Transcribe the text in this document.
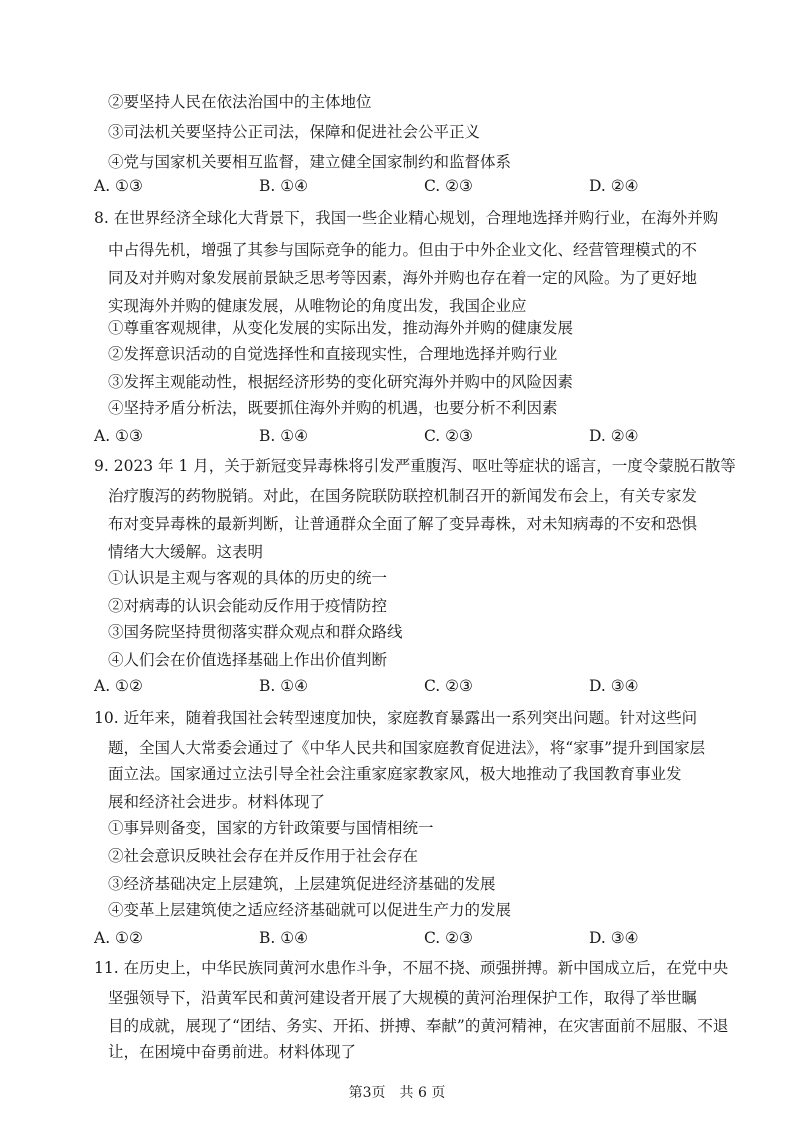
②要坚持人民在依法治国中的主体地位
③司法机关要坚持公正司法，保障和促进社会公平正义
④党与国家机关要相互监督，建立健全国家制约和监督体系
A. ①③	B. ①④	C. ②③	D. ②④
8. 在世界经济全球化大背景下，我国一些企业精心规划，合理地选择并购行业，在海外并购
中占得先机，增强了其参与国际竞争的能力。但由于中外企业文化、经营管理模式的不
同及对并购对象发展前景缺乏思考等因素，海外并购也存在着一定的风险。为了更好地
实现海外并购的健康发展，从唯物论的角度出发，我国企业应
①尊重客观规律，从变化发展的实际出发，推动海外并购的健康发展
②发挥意识活动的自觉选择性和直接现实性，合理地选择并购行业
③发挥主观能动性，根据经济形势的变化研究海外并购中的风险因素
④坚持矛盾分析法，既要抓住海外并购的机遇，也要分析不利因素
A. ①③	B. ①④	C. ②③	D. ②④
9. 2023 年 1 月，关于新冠变异毒株将引发严重腹泻、呕吐等症状的谣言，一度令蒙脱石散等
治疗腹泻的药物脱销。对此，在国务院联防联控机制召开的新闻发布会上，有关专家发
布对变异毒株的最新判断，让普通群众全面了解了变异毒株，对未知病毒的不安和恐惧
情绪大大缓解。这表明
①认识是主观与客观的具体的历史的统一
②对病毒的认识会能动反作用于疫情防控
③国务院坚持贯彻落实群众观点和群众路线
④人们会在价值选择基础上作出价值判断
A. ①②	B. ①④	C. ②③	D. ③④
10. 近年来，随着我国社会转型速度加快，家庭教育暴露出一系列突出问题。针对这些问
题，全国人大常委会通过了《中华人民共和国家庭教育促进法》，将“家事”提升到国家层
面立法。国家通过立法引导全社会注重家庭家教家风，极大地推动了我国教育事业发
展和经济社会进步。材料体现了
①事异则备变，国家的方针政策要与国情相统一
②社会意识反映社会存在并反作用于社会存在
③经济基础决定上层建筑，上层建筑促进经济基础的发展
④变革上层建筑使之适应经济基础就可以促进生产力的发展
A. ①②	B. ①④	C. ②③	D. ③④
11. 在历史上，中华民族同黄河水患作斗争，不屈不挠、顽强拼搏。新中国成立后，在党中央
坚强领导下，沿黄军民和黄河建设者开展了大规模的黄河治理保护工作，取得了举世瞩
目的成就，展现了“团结、务实、开拓、拼搏、奉献”的黄河精神，在灾害面前不屈服、不退
让，在困境中奋勇前进。材料体现了
第3页　共 6 页
